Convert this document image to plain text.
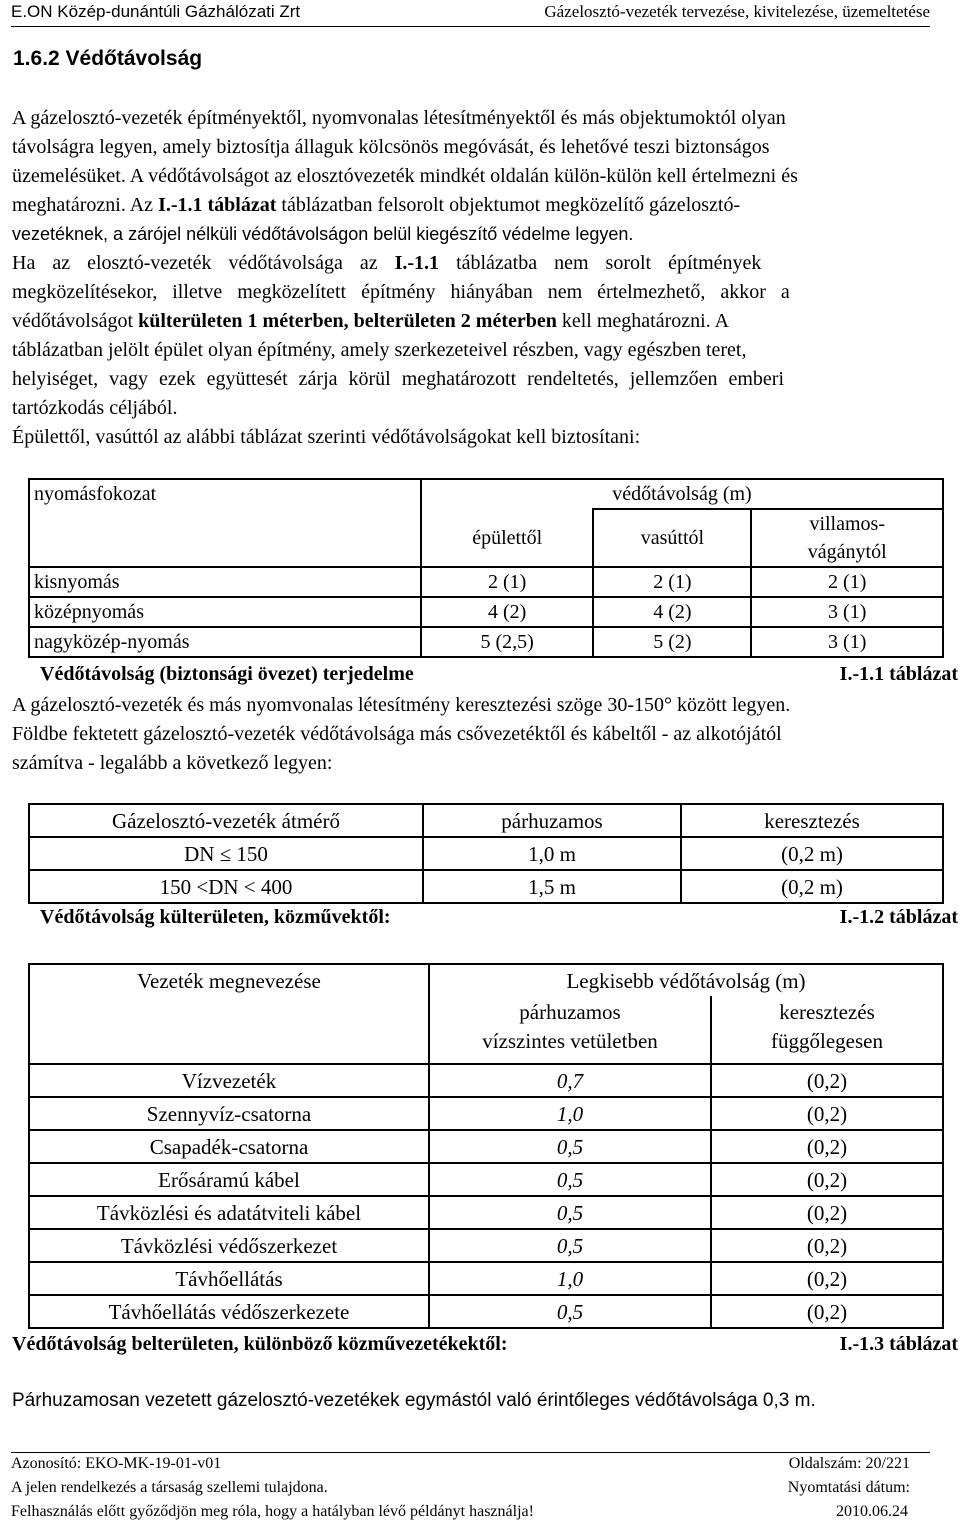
E.ON Közép-dunántúli Gázhálózati Zrt	Gázelosztó-vezeték tervezése, kivitelezése, üzemeltetése
1.6.2 Védőtávolság
A gázelosztó-vezeték építményektől, nyomvonalas létesítményektől és más objektumoktól olyan
távolságra legyen, amely biztosítja állaguk kölcsönös megóvását, és lehetővé teszi biztonságos
üzemelésüket. A védőtávolságot az elosztóvezeték mindkét oldalán külön-külön kell értelmezni és
meghatározni. Az I.-1.1 táblázat táblázatban felsorolt objektumot megközelítő gázelosztó-
vezetéknek, a zárójel nélküli védőtávolságon belül kiegészítő védelme legyen.
Ha az elosztó-vezeték védőtávolsága az I.-1.1 táblázatba nem sorolt építmények
megközelítésekor, illetve megközelített építmény hiányában nem értelmezhető, akkor a
védőtávolságot külterületen 1 méterben, belterületen 2 méterben kell meghatározni. A
táblázatban jelölt épület olyan építmény, amely szerkezeteivel részben, vagy egészben teret,
helyiséget, vagy ezek együttesét zárja körül meghatározott rendeltetés, jellemzően emberi
tartózkodás céljából.
Épülettől, vasúttól az alábbi táblázat szerinti védőtávolságokat kell biztosítani:
nyomásfokozat	védőtávolság (m)		
	épülettől	vasúttól	villamos-
vágánytól

kisnyomás	2 (1)	2 (1)	2 (1)
középnyomás	4 (2)	4 (2)	3 (1)
nagyközép-nyomás	5 (2,5)	5 (2)	3 (1)
Védőtávolság (biztonsági övezet) terjedelme	I.-1.1 táblázat
A gázelosztó-vezeték és más nyomvonalas létesítmény keresztezési szöge 30-150° között legyen.
Földbe fektetett gázelosztó-vezeték védőtávolsága más csővezetéktől és kábeltől - az alkotójától
számítva - legalább a következő legyen:
Gázelosztó-vezeték átmérő	párhuzamos	keresztezés
DN ≤ 150	1,0 m	(0,2 m)
150 <DN < 400	1,5 m	(0,2 m)
Védőtávolság külterületen, közművektől:	I.-1.2 táblázat
Vezeték megnevezése	Legkisebb védőtávolság (m)	
	párhuzamos	keresztezés
	vízszintes vetületben	függőlegesen
Vízvezeték	0,7	(0,2)
Szennyvíz-csatorna	1,0	(0,2)
Csapadék-csatorna	0,5	(0,2)
Erősáramú kábel	0,5	(0,2)
Távközlési és adatátviteli kábel	0,5	(0,2)
Távközlési védőszerkezet	0,5	(0,2)
Távhőellátás	1,0	(0,2)
Távhőellátás védőszerkezete	0,5	(0,2)
Védőtávolság belterületen, különböző közművezetékektől:	I.-1.3 táblázat
Párhuzamosan vezetett gázelosztó-vezetékek egymástól való érintőleges védőtávolsága 0,3 m.
Azonosító: EKO-MK-19-01-v01	Oldalszám: 20/221
A jelen rendelkezés a társaság szellemi tulajdona.	Nyomtatási dátum:
Felhasználás előtt győződjön meg róla, hogy a hatályban lévő példányt használja!	2010.06.24
